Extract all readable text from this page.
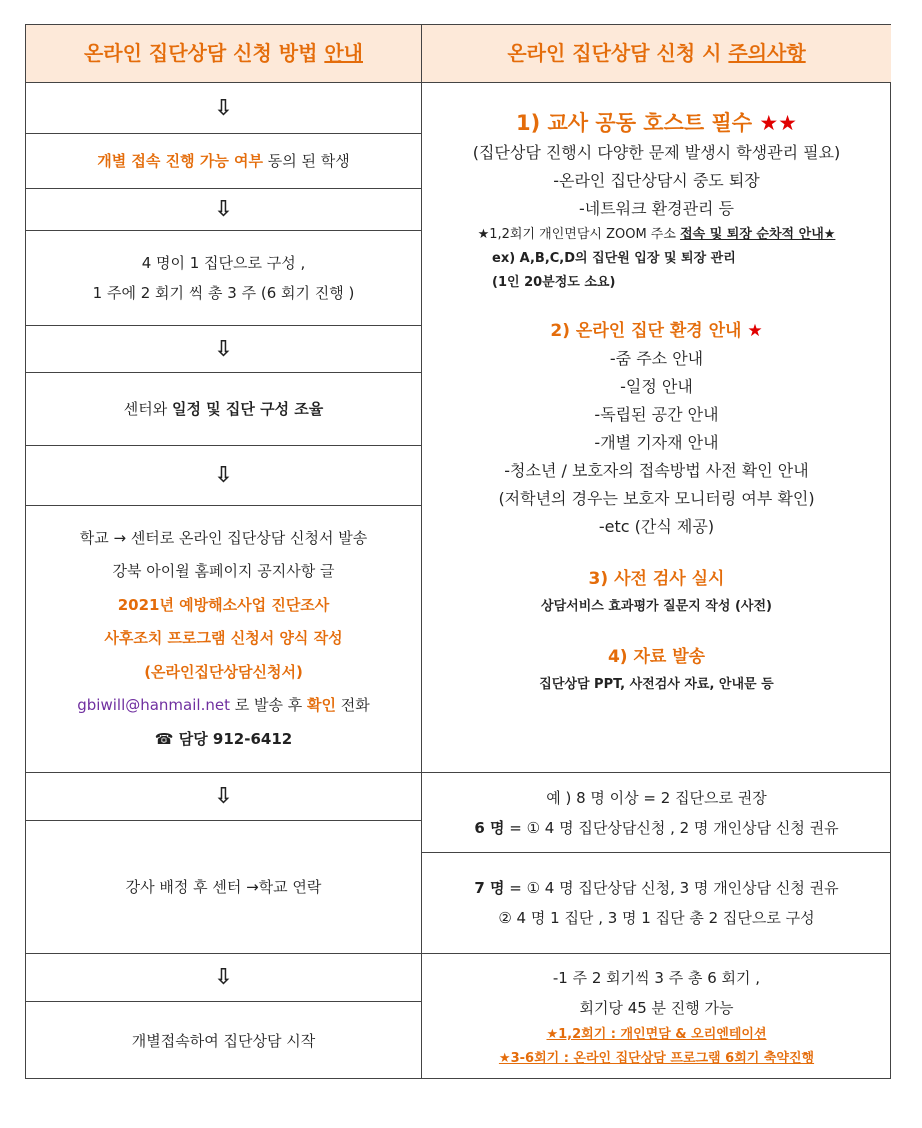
온라인 집단상담 신청 방법 안내	온라인 집단상담 신청 시 주의사항
⇩
개별 접속 진행 가능 여부 동의 된 학생
⇩
4 명이 1 집단으로 구성 ,
1 주에 2 회기 씩 총 3 주 (6 회기 진행 )
⇩
센터와 일정 및 집단 구성 조율
⇩
학교 → 센터로 온라인 집단상담 신청서 발송
강북 아이윌 홈페이지 공지사항 글
2021년 예방해소사업 진단조사
사후조치 프로그램 신청서 양식 작성
(온라인집단상담신청서)
gbiwill@hanmail.net 로 발송 후 확인 전화
☎ 담당 912-6412
⇩
강사 배정 후 센터 →학교 연락
⇩
개별접속하여 집단상담 시작
1) 교사 공동 호스트 필수 ★★
(집단상담 진행시 다양한 문제 발생시 학생관리 필요)
-온라인 집단상담시 중도 퇴장
-네트워크 환경관리 등
★1,2회기 개인면담시 ZOOM 주소 접속 및 퇴장 순차적 안내★
ex) A,B,C,D의 집단원 입장 및 퇴장 관리
(1인 20분정도 소요)
2) 온라인 집단 환경 안내 ★
-줌 주소 안내
-일정 안내
-독립된 공간 안내
-개별 기자재 안내
-청소년 / 보호자의 접속방법 사전 확인 안내
(저학년의 경우는 보호자 모니터링 여부 확인)
-etc (간식 제공)
3) 사전 검사 실시
상담서비스 효과평가 질문지 작성 (사전)
4) 자료 발송
집단상담 PPT, 사전검사 자료, 안내문 등
예 ) 8 명 이상 = 2 집단으로 권장
6 명 = ① 4 명 집단상담신청 , 2 명 개인상담 신청 권유
7 명 = ① 4 명 집단상담 신청, 3 명 개인상담 신청 권유
② 4 명 1 집단 , 3 명 1 집단 총 2 집단으로 구성
-1 주 2 회기씩 3 주 총 6 회기 ,
회기당 45 분 진행 가능
★1,2회기 : 개인면담 & 오리엔테이션
★3-6회기 : 온라인 집단상담 프로그램 6회기 축약진행
